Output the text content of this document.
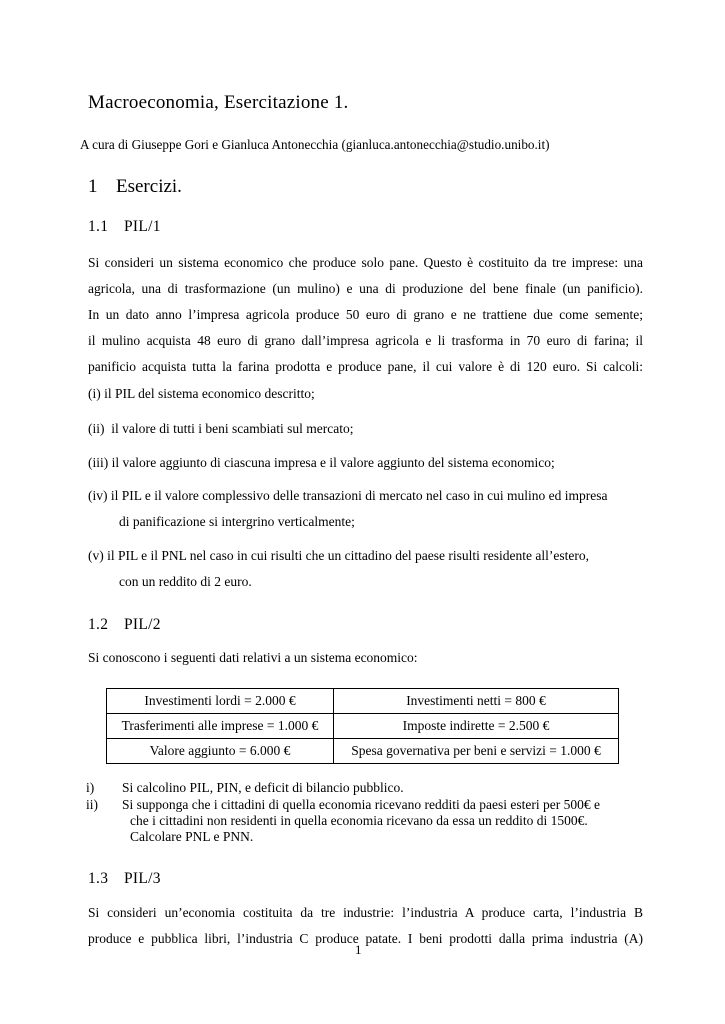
Macroeconomia, Esercitazione 1.
A cura di Giuseppe Gori e Gianluca Antonecchia (gianluca.antonecchia@studio.unibo.it)
1 Esercizi.
1.1 PIL/1
Si consideri un sistema economico che produce solo pane. Questo è costituito da tre imprese: una
agricola, una di trasformazione (un mulino) e una di produzione del bene finale (un panificio).
In un dato anno l’impresa agricola produce 50 euro di grano e ne trattiene due come semente;
il mulino acquista 48 euro di grano dall’impresa agricola e li trasforma in 70 euro di farina; il
panificio acquista tutta la farina prodotta e produce pane, il cui valore è di 120 euro. Si calcoli:
(i) il PIL del sistema economico descritto;
(ii) il valore di tutti i beni scambiati sul mercato;
(iii) il valore aggiunto di ciascuna impresa e il valore aggiunto del sistema economico;
(iv) il PIL e il valore complessivo delle transazioni di mercato nel caso in cui mulino ed impresa
di panificazione si intergrino verticalmente;
(v) il PIL e il PNL nel caso in cui risulti che un cittadino del paese risulti residente all’estero,
con un reddito di 2 euro.
1.2 PIL/2
Si conoscono i seguenti dati relativi a un sistema economico:
Investimenti lordi = 2.000 €	Investimenti netti = 800 €
Trasferimenti alle imprese = 1.000 €	Imposte indirette = 2.500 €
Valore aggiunto = 6.000 €	Spesa governativa per beni e servizi = 1.000 €
i) Si calcolino PIL, PIN, e deficit di bilancio pubblico.
ii) Si supponga che i cittadini di quella economia ricevano redditi da paesi esteri per 500€ e
che i cittadini non residenti in quella economia ricevano da essa un reddito di 1500€.
Calcolare PNL e PNN.
1.3 PIL/3
Si consideri un’economia costituita da tre industrie: l’industria A produce carta, l’industria B
produce e pubblica libri, l’industria C produce patate. I beni prodotti dalla prima industria (A)
1
